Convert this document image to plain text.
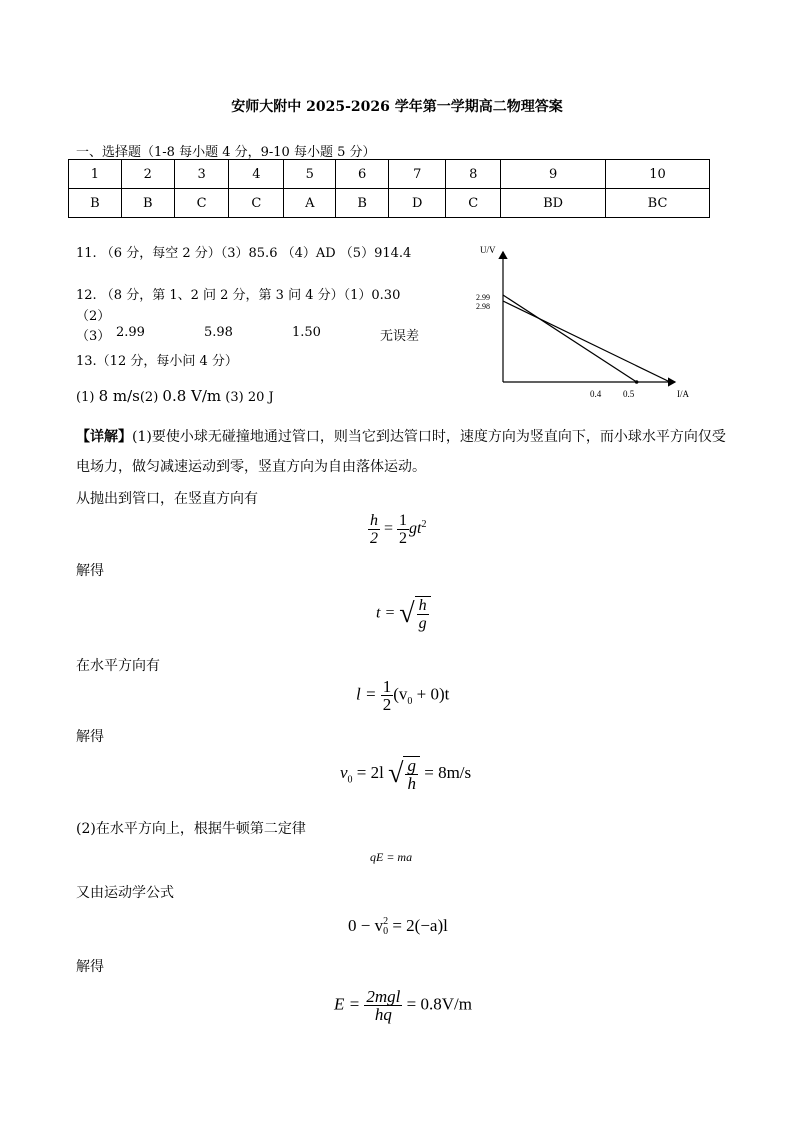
安师大附中 2025-2026 学年第一学期高二物理答案
一、选择题（1-8 每小题 4 分，9-10 每小题 5 分）
1	2	3	4	5	6	7	8	9	10
B	B	C	C	A	B	D	C	BD	BC
11. （6 分，每空 2 分）（3）85.6 （4）AD （5）914.4
12. （8 分，第 1、2 问 2 分，第 3 问 4 分）（1）0.30
（2）
（3） 2.99	5.98	1.50	无误差
13.（12 分，每小问 4 分）
(1) 8 m/s(2) 0.8 V/m (3) 20 J
U/V
I/A
2.99
2.98
0.4 0.5
【详解】(1)要使小球无碰撞地通过管口，则当它到达管口时，速度方向为竖直向下，而小球水平方向仅受
电场力，做匀减速运动到零，竖直方向为自由落体运动。
从抛出到管口，在竖直方向有
$\frac{h}{2} = \frac{1}{2} gt^2$
解得
t = √ $\frac{h}{g}$
在水平方向有
$l = \frac{1}{2} (v_0 + 0)t$
解得
$v_0 = 2l$ √ $\frac{g}{h} = 8m/s$
(2)在水平方向上，根据牛顿第二定律
qE = ma
又由运动学公式
0 − v 2
0 = 2(−a)l
解得
$E = \frac{\text{2mgl}}{hq} = 0.8V/m$
